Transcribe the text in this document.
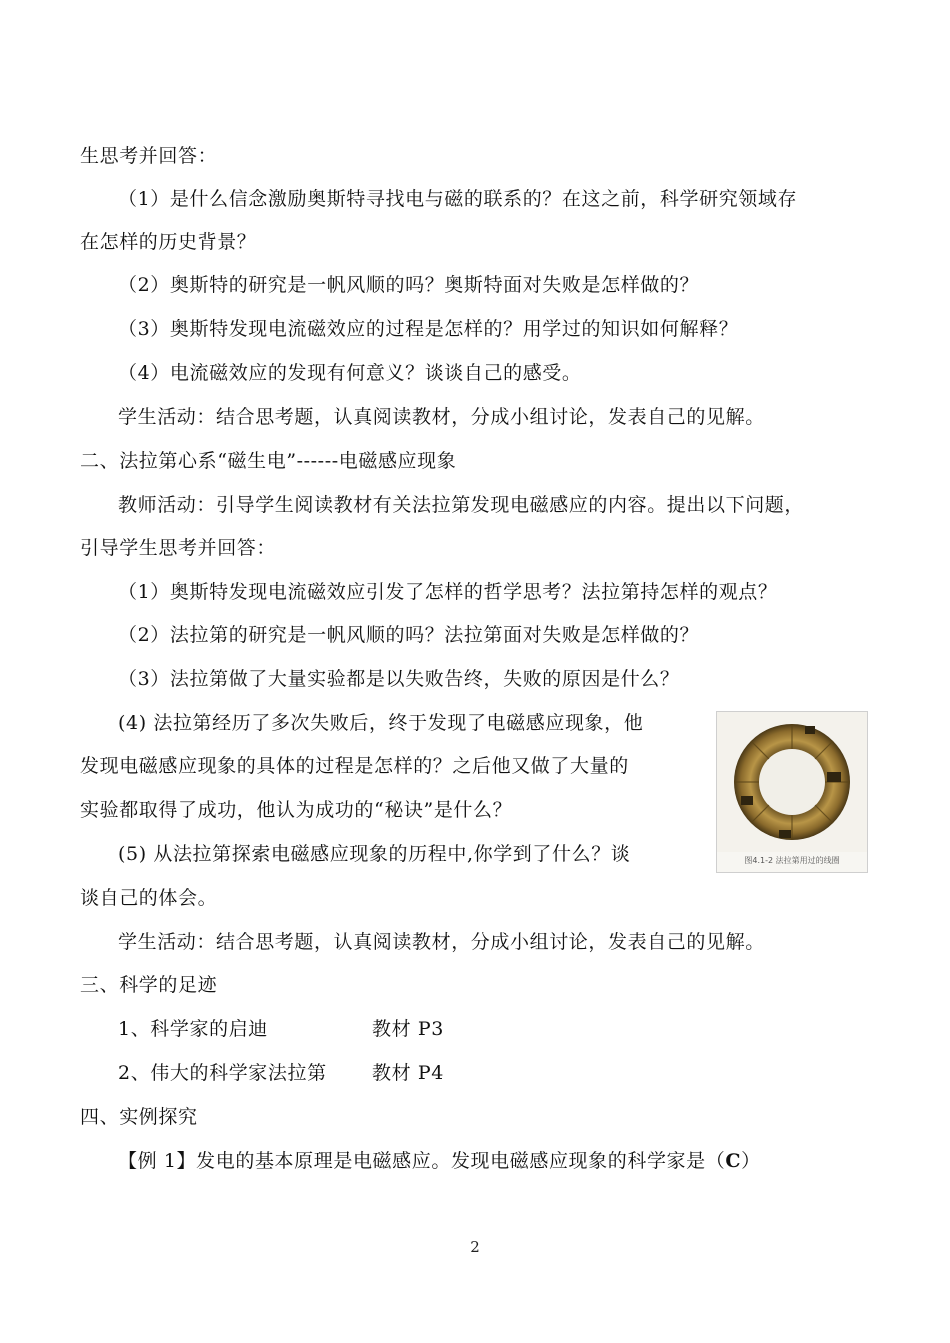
生思考并回答：
（1）是什么信念激励奥斯特寻找电与磁的联系的？在这之前，科学研究领域存
在怎样的历史背景？
（2）奥斯特的研究是一帆风顺的吗？奥斯特面对失败是怎样做的？
（3）奥斯特发现电流磁效应的过程是怎样的？用学过的知识如何解释？
（4）电流磁效应的发现有何意义？谈谈自己的感受。
学生活动：结合思考题，认真阅读教材，分成小组讨论，发表自己的见解。
二、法拉第心系“磁生电”------电磁感应现象
教师活动：引导学生阅读教材有关法拉第发现电磁感应的内容。提出以下问题，
引导学生思考并回答：
（1）奥斯特发现电流磁效应引发了怎样的哲学思考？法拉第持怎样的观点？
（2）法拉第的研究是一帆风顺的吗？法拉第面对失败是怎样做的？
（3）法拉第做了大量实验都是以失败告终，失败的原因是什么？
(4) 法拉第经历了多次失败后，终于发现了电磁感应现象，他
发现电磁感应现象的具体的过程是怎样的？之后他又做了大量的
实验都取得了成功，他认为成功的“秘诀”是什么？
(5) 从法拉第探索电磁感应现象的历程中,你学到了什么？谈
谈自己的体会。
学生活动：结合思考题，认真阅读教材，分成小组讨论，发表自己的见解。
三、科学的足迹
1、科学家的启迪	教材 P3
2、伟大的科学家法拉第 教材 P4
四、实例探究
【例 1】发电的基本原理是电磁感应。发现电磁感应现象的科学家是（C）
图4.1-2 法拉第用过的线圈
2
